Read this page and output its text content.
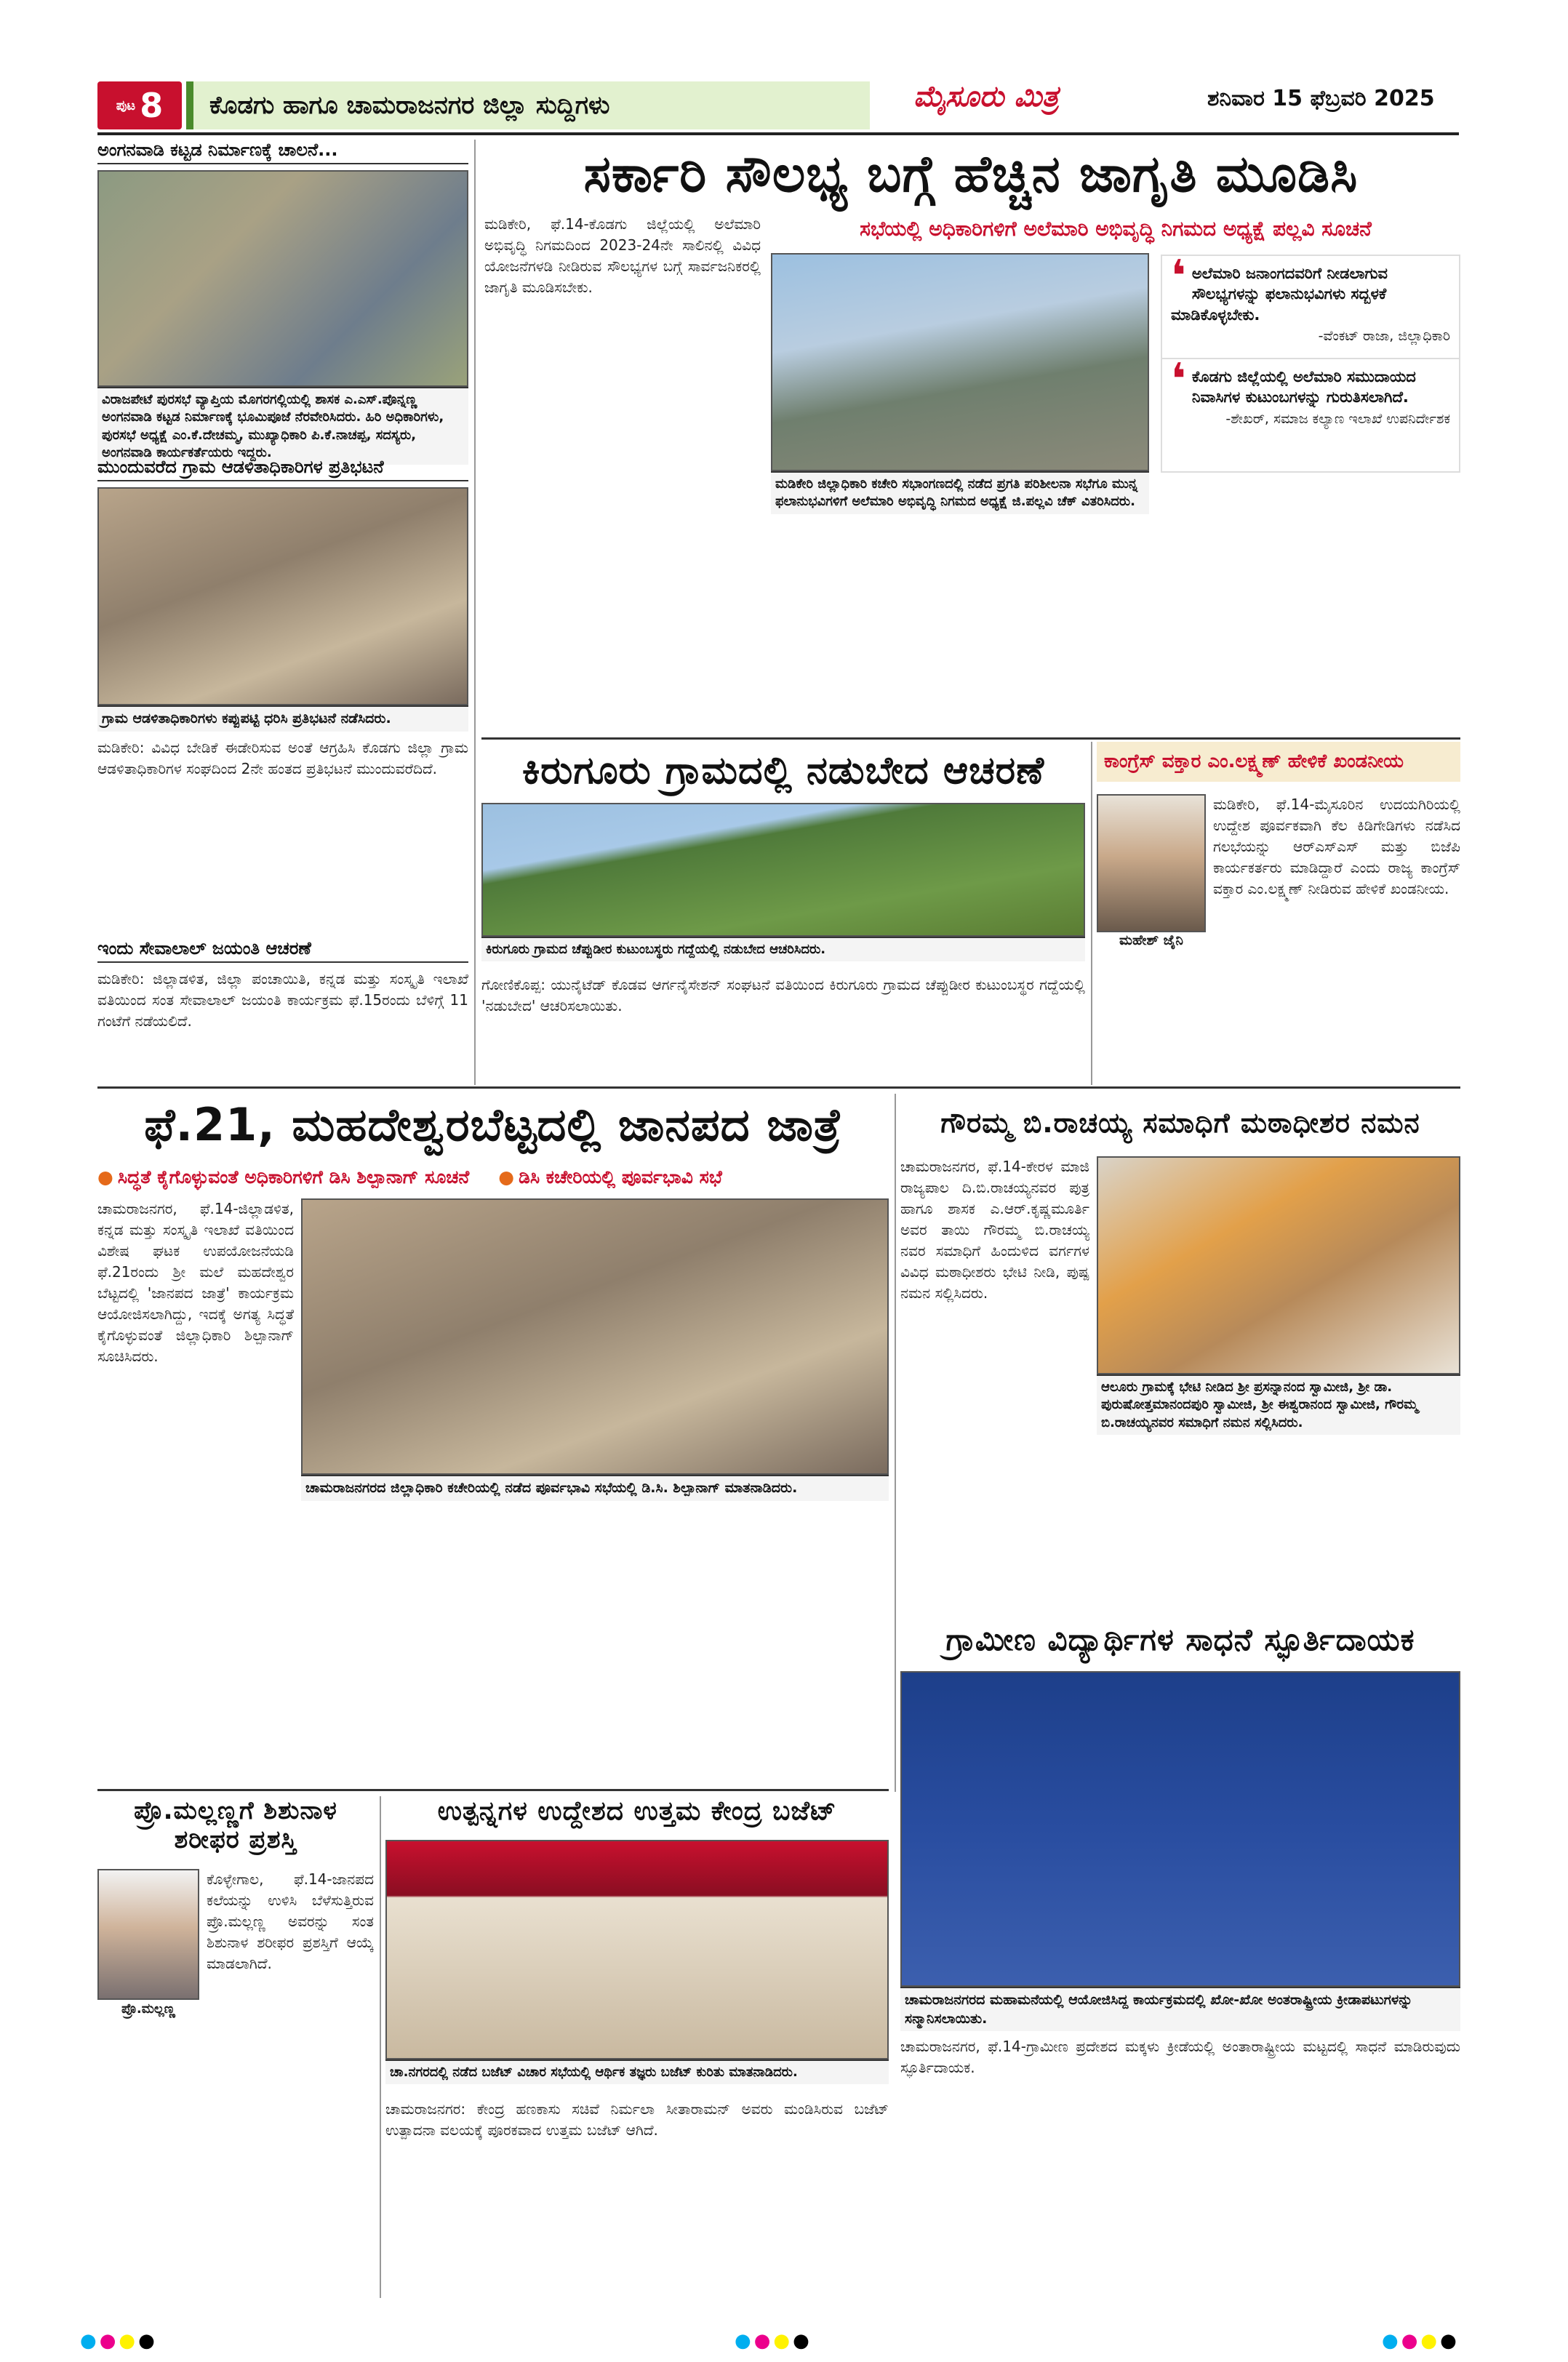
ಪುಟ 8	ಕೊಡಗು ಹಾಗೂ ಚಾಮರಾಜನಗರ ಜಿಲ್ಲಾ ಸುದ್ದಿಗಳು	ಮೈಸೂರು ಮಿತ್ರ	ಶನಿವಾರ 15 ಫೆಬ್ರವರಿ 2025
ಅಂಗನವಾಡಿ ಕಟ್ಟಡ ನಿರ್ಮಾಣಕ್ಕೆ ಚಾಲನೆ...
ವಿರಾಜಪೇಟೆ ಪುರಸಭೆ ವ್ಯಾಪ್ತಿಯ ಮೊಗರಗಲ್ಲಿಯಲ್ಲಿ ಶಾಸಕ ಎ.ಎಸ್.ಪೊನ್ನಣ್ಣ ಅಂಗನವಾಡಿ ಕಟ್ಟಡ ನಿರ್ಮಾಣಕ್ಕೆ ಭೂಮಿಪೂಜೆ ನೆರವೇರಿಸಿದರು. ಹಿರಿ ಅಧಿಕಾರಿಗಳು, ಪುರಸಭೆ ಅಧ್ಯಕ್ಷೆ ಎಂ.ಕೆ.ದೇಚಮ್ಮ, ಮುಖ್ಯಾಧಿಕಾರಿ ಪಿ.ಕೆ.ನಾಚಪ್ಪ, ಸದಸ್ಯರು, ಅಂಗನವಾಡಿ ಕಾರ್ಯಕರ್ತೆಯರು ಇದ್ದರು.
ಮುಂದುವರೆದ ಗ್ರಾಮ ಆಡಳಿತಾಧಿಕಾರಿಗಳ ಪ್ರತಿಭಟನೆ
ಗ್ರಾಮ ಆಡಳಿತಾಧಿಕಾರಿಗಳು ಕಪ್ಪುಪಟ್ಟಿ ಧರಿಸಿ ಪ್ರತಿಭಟನೆ ನಡೆಸಿದರು.
ಮಡಿಕೇರಿ: ವಿವಿಧ ಬೇಡಿಕೆ ಈಡೇರಿಸುವ ಅಂತೆ ಆಗ್ರಹಿಸಿ ಕೊಡಗು ಜಿಲ್ಲಾ ಗ್ರಾಮ ಆಡಳಿತಾಧಿಕಾರಿಗಳ ಸಂಘದಿಂದ 2ನೇ ಹಂತದ ಪ್ರತಿಭಟನೆ ಮುಂದುವರೆದಿದೆ.
ಇಂದು ಸೇವಾಲಾಲ್ ಜಯಂತಿ ಆಚರಣೆ
ಮಡಿಕೇರಿ: ಜಿಲ್ಲಾಡಳಿತ, ಜಿಲ್ಲಾ ಪಂಚಾಯಿತಿ, ಕನ್ನಡ ಮತ್ತು ಸಂಸ್ಕೃತಿ ಇಲಾಖೆ ವತಿಯಿಂದ ಸಂತ ಸೇವಾಲಾಲ್ ಜಯಂತಿ ಕಾರ್ಯಕ್ರಮ ಫೆ.15ರಂದು ಬೆಳಿಗ್ಗೆ 11 ಗಂಟೆಗೆ ನಡೆಯಲಿದೆ.
ಸರ್ಕಾರಿ ಸೌಲಭ್ಯ ಬಗ್ಗೆ ಹೆಚ್ಚಿನ ಜಾಗೃತಿ ಮೂಡಿಸಿ
ಸಭೆಯಲ್ಲಿ ಅಧಿಕಾರಿಗಳಿಗೆ ಅಲೆಮಾರಿ ಅಭಿವೃದ್ಧಿ ನಿಗಮದ ಅಧ್ಯಕ್ಷೆ ಪಲ್ಲವಿ ಸೂಚನೆ
ಮಡಿಕೇರಿ, ಫೆ.14-ಕೊಡಗು ಜಿಲ್ಲೆಯಲ್ಲಿ ಅಲೆಮಾರಿ ಅಭಿವೃದ್ಧಿ ನಿಗಮದಿಂದ 2023-24ನೇ ಸಾಲಿನಲ್ಲಿ ವಿವಿಧ ಯೋಜನೆಗಳಡಿ ನೀಡಿರುವ ಸೌಲಭ್ಯಗಳ ಬಗ್ಗೆ ಸಾರ್ವಜನಿಕರಲ್ಲಿ ಜಾಗೃತಿ ಮೂಡಿಸಬೇಕು.
ಮಡಿಕೇರಿ ಜಿಲ್ಲಾಧಿಕಾರಿ ಕಚೇರಿ ಸಭಾಂಗಣದಲ್ಲಿ ನಡೆದ ಪ್ರಗತಿ ಪರಿಶೀಲನಾ ಸಭೆಗೂ ಮುನ್ನ ಫಲಾನುಭವಿಗಳಿಗೆ ಅಲೆಮಾರಿ ಅಭಿವೃದ್ಧಿ ನಿಗಮದ ಅಧ್ಯಕ್ಷೆ ಜಿ.ಪಲ್ಲವಿ ಚೆಕ್ ವಿತರಿಸಿದರು.
❛ ಅಲೆಮಾರಿ ಜನಾಂಗದವರಿಗೆ ನೀಡಲಾಗುವ ಸೌಲಭ್ಯಗಳನ್ನು ಫಲಾನುಭವಿಗಳು ಸದ್ಬಳಕೆ ಮಾಡಿಕೊಳ್ಳಬೇಕು.
-ವೆಂಕಟ್ ರಾಜಾ, ಜಿಲ್ಲಾಧಿಕಾರಿ
❛ ಕೊಡಗು ಜಿಲ್ಲೆಯಲ್ಲಿ ಅಲೆಮಾರಿ ಸಮುದಾಯದ ನಿವಾಸಿಗಳ ಕುಟುಂಬಗಳನ್ನು ಗುರುತಿಸಲಾಗಿದೆ.
-ಶೇಖರ್, ಸಮಾಜ ಕಲ್ಯಾಣ ಇಲಾಖೆ ಉಪನಿರ್ದೇಶಕ
ಕಿರುಗೂರು ಗ್ರಾಮದಲ್ಲಿ ನಡುಬೇದ ಆಚರಣೆ
ಕಿರುಗೂರು ಗ್ರಾಮದ ಚೆಪ್ಪುಡೀರ ಕುಟುಂಬಸ್ಥರು ಗದ್ದೆಯಲ್ಲಿ ನಡುಬೇದ ಆಚರಿಸಿದರು.
ಗೋಣಿಕೊಪ್ಪ: ಯುನೈಟೆಡ್ ಕೊಡವ ಆರ್ಗನೈಸೇಶನ್ ಸಂಘಟನೆ ವತಿಯಿಂದ ಕಿರುಗೂರು ಗ್ರಾಮದ ಚೆಪ್ಪುಡೀರ ಕುಟುಂಬಸ್ಥರ ಗದ್ದೆಯಲ್ಲಿ 'ನಡುಬೇದ' ಆಚರಿಸಲಾಯಿತು.
ಕಾಂಗ್ರೆಸ್ ವಕ್ತಾರ ಎಂ.ಲಕ್ಷ್ಮಣ್ ಹೇಳಿಕೆ ಖಂಡನೀಯ
ಮಹೇಶ್ ಜೈನಿ
ಮಡಿಕೇರಿ, ಫೆ.14-ಮೈಸೂರಿನ ಉದಯಗಿರಿಯಲ್ಲಿ ಉದ್ದೇಶ ಪೂರ್ವಕವಾಗಿ ಕೆಲ ಕಿಡಿಗೇಡಿಗಳು ನಡೆಸಿದ ಗಲಭೆಯನ್ನು ಆರ್‌ಎಸ್‌ಎಸ್ ಮತ್ತು ಬಿಜೆಪಿ ಕಾರ್ಯಕರ್ತರು ಮಾಡಿದ್ದಾರೆ ಎಂದು ರಾಜ್ಯ ಕಾಂಗ್ರೆಸ್ ವಕ್ತಾರ ಎಂ.ಲಕ್ಷ್ಮಣ್ ನೀಡಿರುವ ಹೇಳಿಕೆ ಖಂಡನೀಯ.
ಫೆ.21, ಮಹದೇಶ್ವರಬೆಟ್ಟದಲ್ಲಿ ಜಾನಪದ ಜಾತ್ರೆ
● ಸಿದ್ಧತೆ ಕೈಗೊಳ್ಳುವಂತೆ ಅಧಿಕಾರಿಗಳಿಗೆ ಡಿಸಿ ಶಿಲ್ಪಾನಾಗ್ ಸೂಚನೆ
●	ಡಿಸಿ ಕಚೇರಿಯಲ್ಲಿ ಪೂರ್ವಭಾವಿ ಸಭೆ
ಚಾಮರಾಜನಗರ, ಫೆ.14-ಜಿಲ್ಲಾಡಳಿತ, ಕನ್ನಡ ಮತ್ತು ಸಂಸ್ಕೃತಿ ಇಲಾಖೆ ವತಿಯಿಂದ ವಿಶೇಷ ಘಟಕ ಉಪಯೋಜನೆಯಡಿ ಫೆ.21ರಂದು ಶ್ರೀ ಮಲೆ ಮಹದೇಶ್ವರ ಬೆಟ್ಟದಲ್ಲಿ 'ಜಾನಪದ ಜಾತ್ರೆ' ಕಾರ್ಯಕ್ರಮ ಆಯೋಜಿಸಲಾಗಿದ್ದು, ಇದಕ್ಕೆ ಅಗತ್ಯ ಸಿದ್ಧತೆ ಕೈಗೊಳ್ಳುವಂತೆ ಜಿಲ್ಲಾಧಿಕಾರಿ ಶಿಲ್ಪಾನಾಗ್ ಸೂಚಿಸಿದರು.
ಚಾಮರಾಜನಗರದ ಜಿಲ್ಲಾಧಿಕಾರಿ ಕಚೇರಿಯಲ್ಲಿ ನಡೆದ ಪೂರ್ವಭಾವಿ ಸಭೆಯಲ್ಲಿ ಡಿ.ಸಿ. ಶಿಲ್ಪಾನಾಗ್ ಮಾತನಾಡಿದರು.
ಗೌರಮ್ಮ ಬಿ.ರಾಚಯ್ಯ ಸಮಾಧಿಗೆ ಮಠಾಧೀಶರ ನಮನ
ಚಾಮರಾಜನಗರ, ಫೆ.14-ಕೇರಳ ಮಾಜಿ ರಾಜ್ಯಪಾಲ ದಿ.ಬಿ.ರಾಚಯ್ಯನವರ ಪುತ್ರ ಹಾಗೂ ಶಾಸಕ ಎ.ಆರ್.ಕೃಷ್ಣಮೂರ್ತಿ ಅವರ ತಾಯಿ ಗೌರಮ್ಮ ಬಿ.ರಾಚಯ್ಯ ನವರ ಸಮಾಧಿಗೆ ಹಿಂದುಳಿದ ವರ್ಗಗಳ ವಿವಿಧ ಮಠಾಧೀಶರು ಭೇಟಿ ನೀಡಿ, ಪುಷ್ಪ ನಮನ ಸಲ್ಲಿಸಿದರು.
ಆಲೂರು ಗ್ರಾಮಕ್ಕೆ ಭೇಟಿ ನೀಡಿದ ಶ್ರೀ ಪ್ರಸನ್ನಾನಂದ ಸ್ವಾಮೀಜಿ, ಶ್ರೀ ಡಾ. ಪುರುಷೋತ್ತಮಾನಂದಪುರಿ ಸ್ವಾಮೀಜಿ, ಶ್ರೀ ಈಶ್ವರಾನಂದ ಸ್ವಾಮೀಜಿ, ಗೌರಮ್ಮ ಬಿ.ರಾಚಯ್ಯನವರ ಸಮಾಧಿಗೆ ನಮನ ಸಲ್ಲಿಸಿದರು.
ಗ್ರಾಮೀಣ ವಿದ್ಯಾರ್ಥಿಗಳ ಸಾಧನೆ ಸ್ಫೂರ್ತಿದಾಯಕ
ಚಾಮರಾಜನಗರದ ಮಹಾಮನೆಯಲ್ಲಿ ಆಯೋಜಿಸಿದ್ದ ಕಾರ್ಯಕ್ರಮದಲ್ಲಿ ಖೋ-ಖೋ ಅಂತರಾಷ್ಟ್ರೀಯ ಕ್ರೀಡಾಪಟುಗಳನ್ನು ಸನ್ಮಾನಿಸಲಾಯಿತು.
ಚಾಮರಾಜನಗರ, ಫೆ.14-ಗ್ರಾಮೀಣ ಪ್ರದೇಶದ ಮಕ್ಕಳು ಕ್ರೀಡೆಯಲ್ಲಿ ಅಂತಾರಾಷ್ಟ್ರೀಯ ಮಟ್ಟದಲ್ಲಿ ಸಾಧನೆ ಮಾಡಿರುವುದು ಸ್ಫೂರ್ತಿದಾಯಕ.
ಪ್ರೊ.ಮಲ್ಲಣ್ಣಗೆ ಶಿಶುನಾಳ
ಶರೀಫರ ಪ್ರಶಸ್ತಿ
ಪ್ರೊ.ಮಲ್ಲಣ್ಣ
ಕೊಳ್ಳೇಗಾಲ, ಫೆ.14-ಜಾನಪದ ಕಲೆಯನ್ನು ಉಳಿಸಿ ಬೆಳೆಸುತ್ತಿರುವ ಪ್ರೊ.ಮಲ್ಲಣ್ಣ ಅವರನ್ನು ಸಂತ ಶಿಶುನಾಳ ಶರೀಫರ ಪ್ರಶಸ್ತಿಗೆ ಆಯ್ಕೆ ಮಾಡಲಾಗಿದೆ.
ಉತ್ಪನ್ನಗಳ ಉದ್ದೇಶದ ಉತ್ತಮ ಕೇಂದ್ರ ಬಜೆಟ್
ಚಾ.ನಗರದಲ್ಲಿ ನಡೆದ ಬಜೆಟ್ ವಿಚಾರ ಸಭೆಯಲ್ಲಿ ಆರ್ಥಿಕ ತಜ್ಞರು ಬಜೆಟ್ ಕುರಿತು ಮಾತನಾಡಿದರು.
ಚಾಮರಾಜನಗರ: ಕೇಂದ್ರ ಹಣಕಾಸು ಸಚಿವೆ ನಿರ್ಮಲಾ ಸೀತಾರಾಮನ್ ಅವರು ಮಂಡಿಸಿರುವ ಬಜೆಟ್ ಉತ್ಪಾದನಾ ವಲಯಕ್ಕೆ ಪೂರಕವಾದ ಉತ್ತಮ ಬಜೆಟ್ ಆಗಿದೆ.
●●●●	●●●●	●●●●
